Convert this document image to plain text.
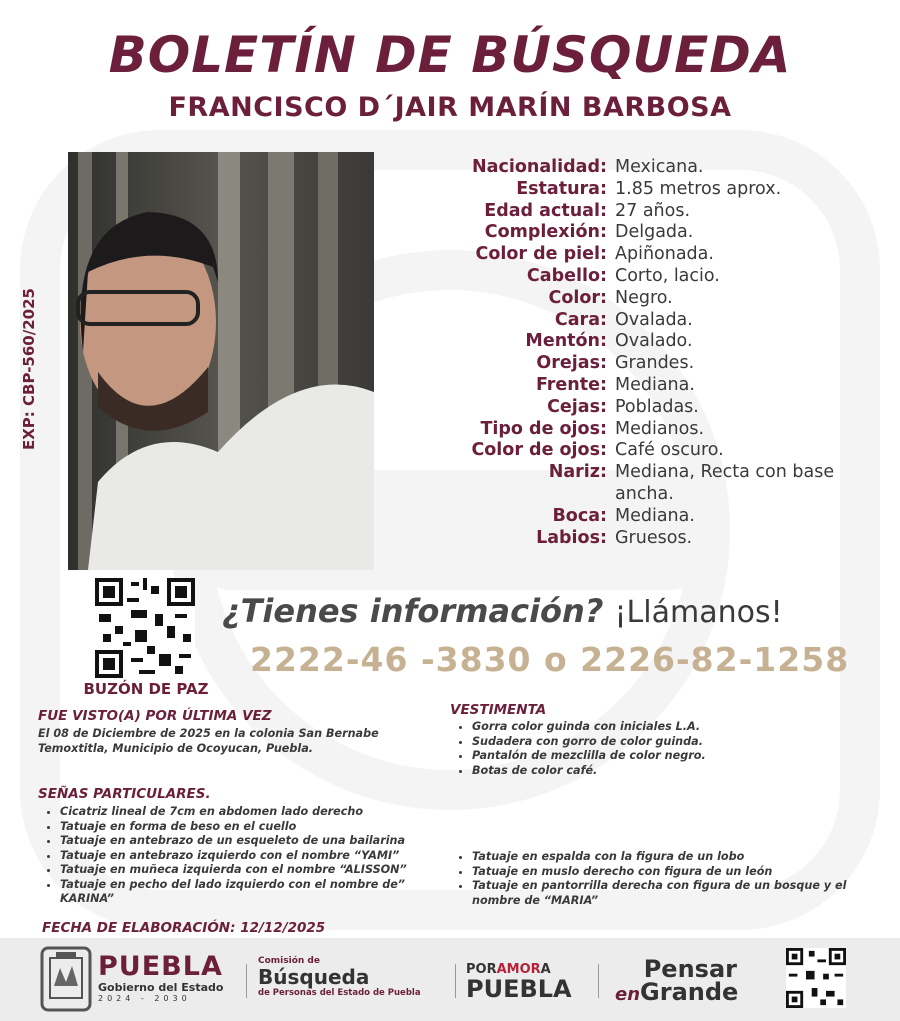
BOLETÍN DE BÚSQUEDA
FRANCISCO D´JAIR MARÍN BARBOSA
EXP: CBP-560/2025
Nacionalidad: Mexicana.
Estatura: 1.85 metros aprox.
Edad actual: 27 años.
Complexión: Delgada.
Color de piel: Apiñonada.
Cabello: Corto, lacio.
Color: Negro.
Cara: Ovalada.
Mentón: Ovalado.
Orejas: Grandes.
Frente: Mediana.
Cejas: Pobladas.
Tipo de ojos: Medianos.
Color de ojos: Café oscuro.
Nariz: Mediana, Recta con base ancha.
Boca: Mediana.
Labios: Gruesos.
BUZÓN DE PAZ
¿Tienes información? ¡Llámanos!
2222-46 -3830 o 2226-82-1258
FUE VISTO(A) POR ÚLTIMA VEZ
El 08 de Diciembre de 2025 en la colonia San Bernabe Temoxtitla, Municipio de Ocoyucan, Puebla.
VESTIMENTA
• Gorra color guinda con iniciales L.A.
• Sudadera con gorro de color guinda.
• Pantalón de mezclilla de color negro.
• Botas de color café.
SEÑAS PARTICULARES.
• Cicatriz lineal de 7cm en abdomen lado derecho
• Tatuaje en forma de beso en el cuello
• Tatuaje en antebrazo de un esqueleto de una bailarina
• Tatuaje en antebrazo izquierdo con el nombre “YAMI”
• Tatuaje en muñeca izquierda con el nombre “ALISSON”
• Tatuaje en pecho del lado izquierdo con el nombre de” KARINA”
• Tatuaje en espalda con la figura de un lobo
• Tatuaje en muslo derecho con figura de un león
• Tatuaje en pantorrilla derecha con figura de un bosque y el nombre de “MARIA”
FECHA DE ELABORACIÓN: 12/12/2025
PUEBLA
Gobierno del Estado
2024 - 2030
Comisión de
Búsqueda
de Personas del Estado de Puebla
PORAMORA
PUEBLA
Pensar
enGrande
